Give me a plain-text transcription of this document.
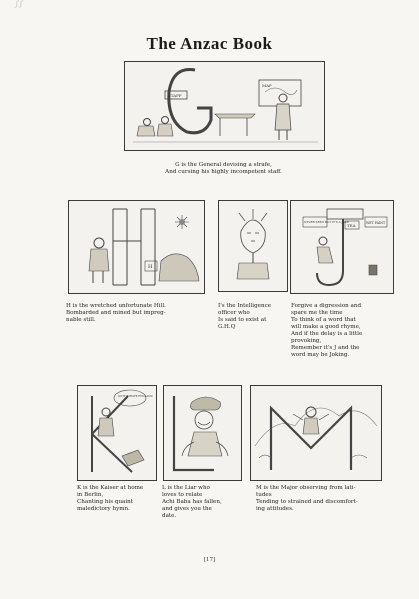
ʃ ʃ
The Anzac Book
STAFF
MAP
G is the General devising a strafe,
And cursing his highly incompetent staff.
H
H is the wretched unfortunate Hill.
Bombarded and mined but impreg-
nable still.
I's the Intelligence
officer who
Is said to exist at
G.H.Q
NEVER SEEN BUT IT'S A JOKE
TEA	WET PAINT
Forgive a digression and
spare me the time
To think of a word that
will make a good rhyme,
And if the delay is a little
provoking,
Remember it's J and the
word may be Joking.
GOTT STRAFE ENGLAND
K is the Kaiser at home
in Berlin,
Chanting his quaint
maledictory hymn.
L is the Liar who
loves to relate
Achi Baba has fallen,
and gives you the
date.
M is the Major observing from lati-
tudes
Tending to strained and discomfort-
ing attitudes.
[17]
